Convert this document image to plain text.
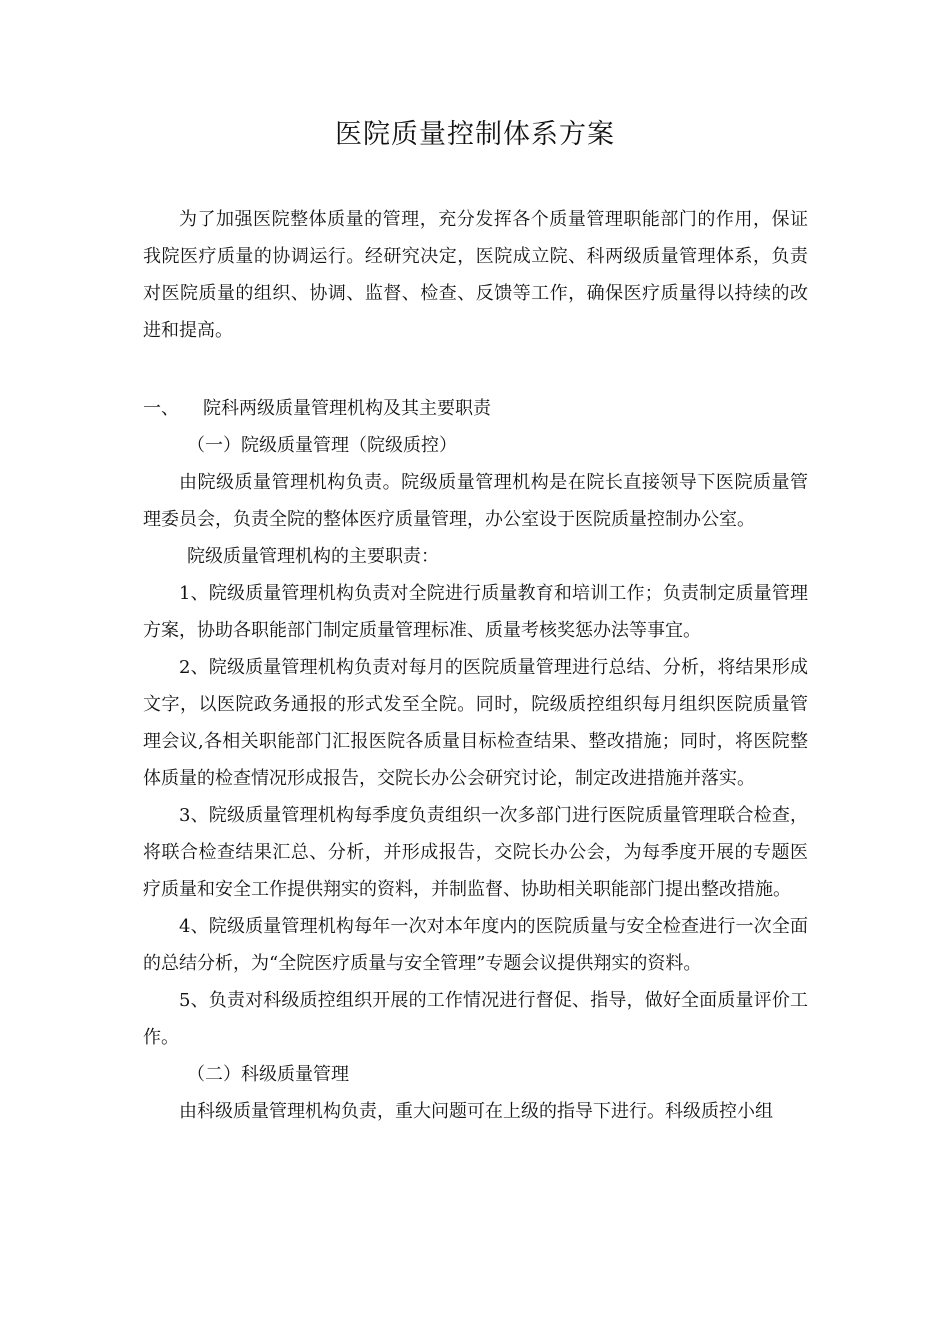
医院质量控制体系方案

为了加强医院整体质量的管理，充分发挥各个质量管理职能部门的作用，保证我院医疗质量的协调运行。经研究决定，医院成立院、科两级质量管理体系，负责对医院质量的组织、协调、监督、检查、反馈等工作，确保医疗质量得以持续的改进和提高。

一、	院科两级质量管理机构及其主要职责

（一）院级质量管理（院级质控）

由院级质量管理机构负责。院级质量管理机构是在院长直接领导下医院质量管理委员会，负责全院的整体医疗质量管理，办公室设于医院质量控制办公室。

院级质量管理机构的主要职责：

1、院级质量管理机构负责对全院进行质量教育和培训工作；负责制定质量管理方案，协助各职能部门制定质量管理标准、质量考核奖惩办法等事宜。

2、院级质量管理机构负责对每月的医院质量管理进行总结、分析，将结果形成文字，以医院政务通报的形式发至全院。同时，院级质控组织每月组织医院质量管理会议,各相关职能部门汇报医院各质量目标检查结果、整改措施；同时，将医院整体质量的检查情况形成报告，交院长办公会研究讨论，制定改进措施并落实。

3、院级质量管理机构每季度负责组织一次多部门进行医院质量管理联合检查，将联合检查结果汇总、分析，并形成报告，交院长办公会，为每季度开展的专题医疗质量和安全工作提供翔实的资料，并制监督、协助相关职能部门提出整改措施。

4、院级质量管理机构每年一次对本年度内的医院质量与安全检查进行一次全面的总结分析，为“全院医疗质量与安全管理”专题会议提供翔实的资料。

5、负责对科级质控组织开展的工作情况进行督促、指导，做好全面质量评价工作。

（二）科级质量管理

由科级质量管理机构负责，重大问题可在上级的指导下进行。科级质控小组
